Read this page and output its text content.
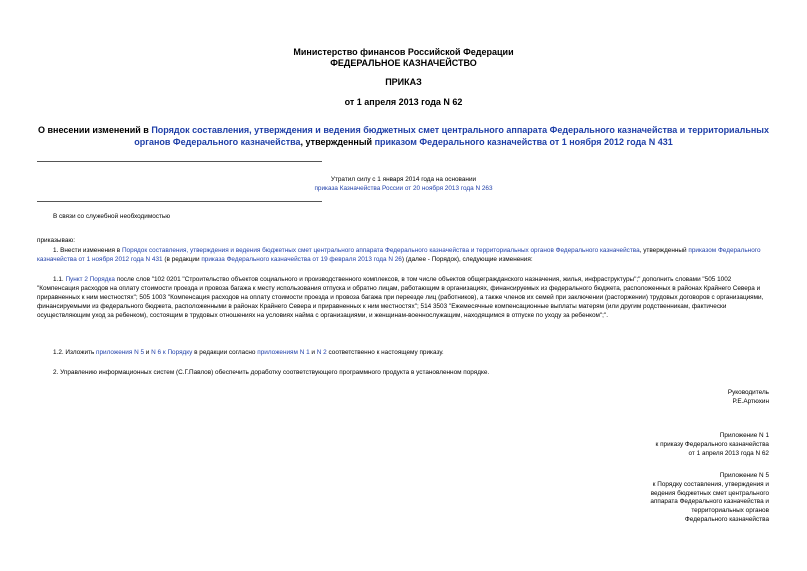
Министерство финансов Российской Федерации
ФЕДЕРАЛЬНОЕ КАЗНАЧЕЙСТВО
ПРИКАЗ
от 1 апреля 2013 года N 62
О внесении изменений в Порядок составления, утверждения и ведения бюджетных смет центрального аппарата Федерального казначейства и территориальных органов Федерального казначейства, утвержденный приказом Федерального казначейства от 1 ноября 2012 года N 431
Утратил силу с 1 января 2014 года на основании
приказа Казначейства России от 20 ноября 2013 года N 263
В связи со служебной необходимостью
приказываю:
1. Внести изменения в Порядок составления, утверждения и ведения бюджетных смет центрального аппарата Федерального казначейства и территориальных органов Федерального казначейства, утвержденный приказом Федерального казначейства от 1 ноября 2012 года N 431 (в редакции приказа Федерального казначейства от 19 февраля 2013 года N 26) (далее - Порядок), следующие изменения:
1.1. Пункт 2 Порядка после слов "102 0201 "Строительство объектов социального и производственного комплексов, в том числе объектов общегражданского назначения, жилья, инфраструктуры";" дополнить словами "505 1002 "Компенсация расходов на оплату стоимости проезда и провоза багажа к месту использования отпуска и обратно лицам, работающим в организациях, финансируемых из федерального бюджета, расположенных в районах Крайнего Севера и приравненных к ним местностях"; 505 1003 "Компенсация расходов на оплату стоимости проезда и провоза багажа при переезде лиц (работников), а также членов их семей при заключении (расторжении) трудовых договоров с организациями, финансируемыми из федерального бюджета, расположенными в районах Крайнего Севера и приравненных к ним местностях"; 514 3503 "Ежемесячные компенсационные выплаты матерям (или другим родственникам, фактически осуществляющим уход за ребенком), состоящим в трудовых отношениях на условиях найма с организациями, и женщинам-военнослужащим, находящимся в отпуске по уходу за ребенком";".
1.2. Изложить приложения N 5 и N 6 к Порядку в редакции согласно приложениям N 1 и N 2 соответственно к настоящему приказу.
2. Управлению информационных систем (С.Г.Павлов) обеспечить доработку соответствующего программного продукта в установленном порядке.
Руководитель
Р.Е.Артюхин
Приложение N 1
к приказу Федерального казначейства
от 1 апреля 2013 года N 62
Приложение N 5
к Порядку составления, утверждения и
ведения бюджетных смет центрального
аппарата Федерального казначейства и
территориальных органов
Федерального казначейства
